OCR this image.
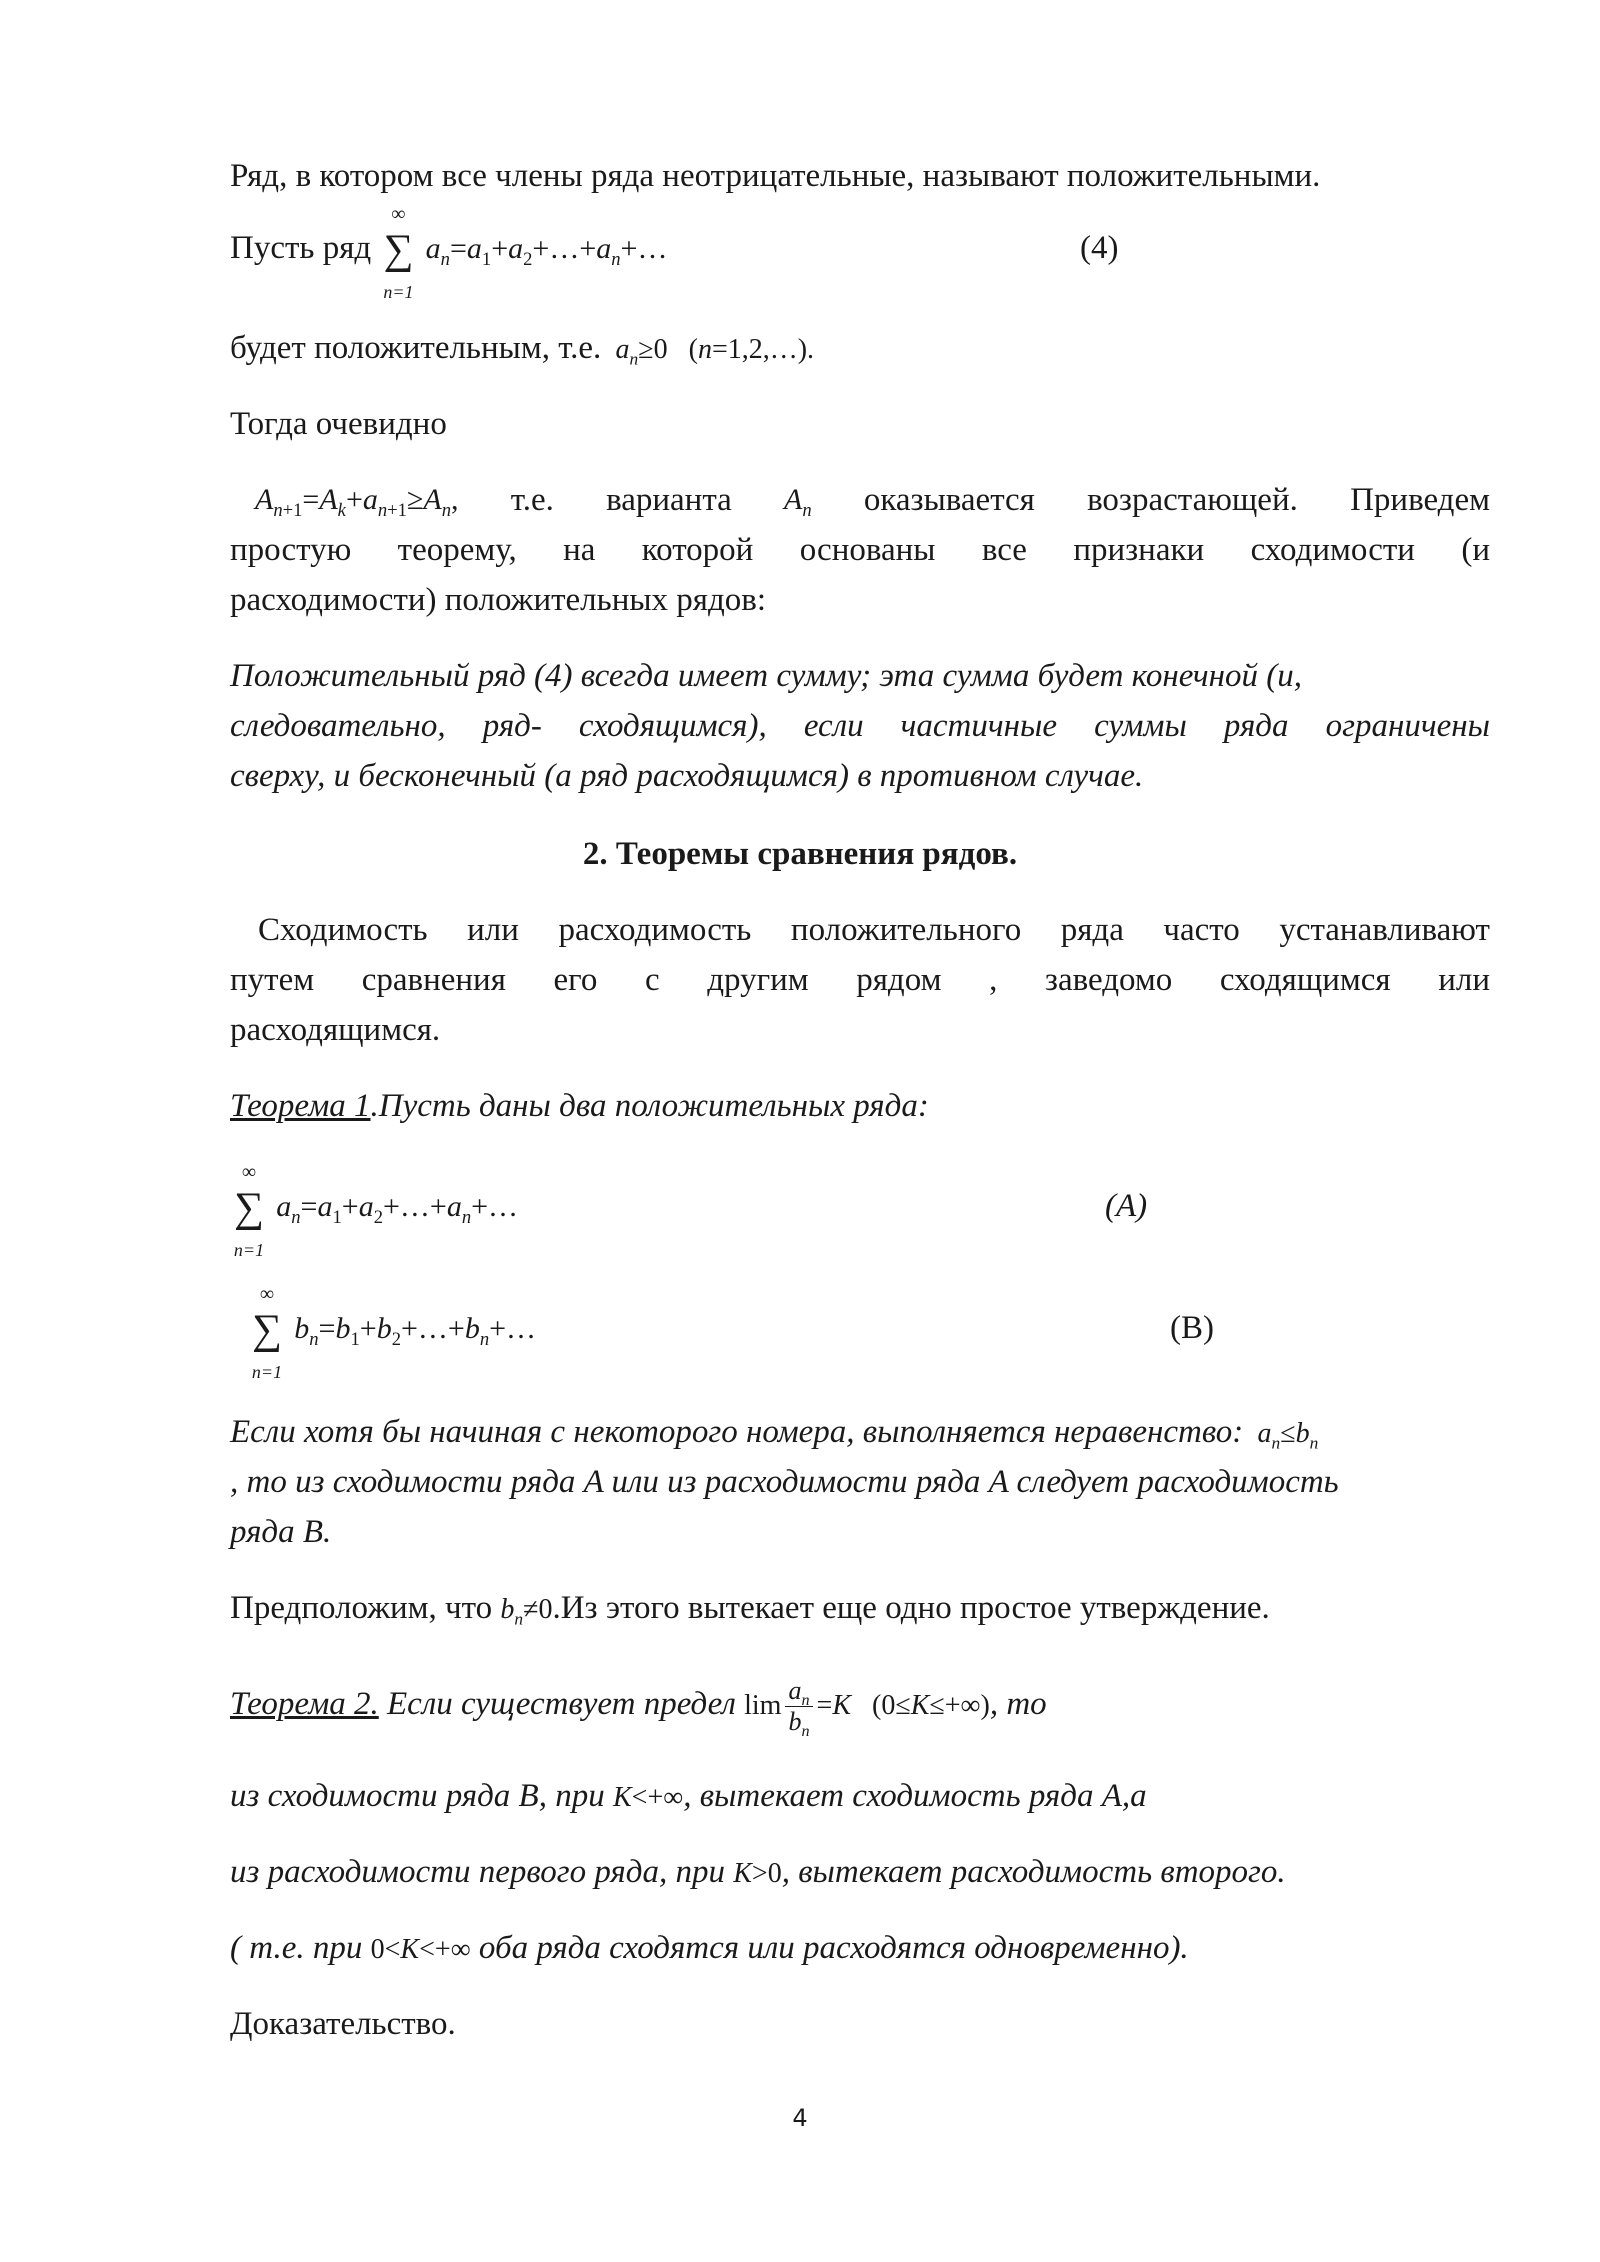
Ряд, в котором все члены ряда неотрицательные, называют положительными.
Пусть ряд
∞
∑
n=1
$a_n=a_1+a_2+\dots+a_n+\dots$	(4)
будет положительным, т.е. $a_n\ge 0$   (n=1,2,…).
Тогда очевидно
$A_{n+1}=A_k+a_{n+1}\ge A_n$, т.е. варианта $A_n$ оказывается возрастающей. Приведем
простую теорему, на которой основаны все признаки сходимости (и
расходимости) положительных рядов:
Положительный ряд (4) всегда имеет сумму; эта сумма будет конечной (и,
следовательно, ряд- сходящимся), если частичные суммы ряда ограничены
сверху, и бесконечный (а ряд расходящимся) в противном случае.
2. Теоремы сравнения рядов.
Сходимость или расходимость положительного ряда часто устанавливают
путем сравнения его с другим рядом , заведомо сходящимся или
расходящимся.
Теорема 1.Пусть даны два положительных ряда:
∞
∑
n=1
$a_n=a_1+a_2+\dots+a_n+\dots$	(A)
∞
∑
n=1
$b_n=b_1+b_2+\dots+b_n+\dots$	(B)
Если хотя бы начиная с некоторого номера, выполняется неравенство: $a_n\le b_n$
, то из сходимости ряда A или из расходимости ряда A следует расходимость
ряда B.
Предположим, что $b_n\ne 0.Из$ этого вытекает еще одно простое утверждение.
Теорема 2. Если существует предел $\lim \frac{a_n}{b_n} =K$   (0≤K≤+∞), то
из сходимости ряда B, при K<+∞, вытекает сходимость ряда A,а
из расходимости первого ряда, при K>0, вытекает расходимость второго.
( т.е. при 0<K<+∞ оба ряда сходятся или расходятся одновременно).
Доказательство.
4
